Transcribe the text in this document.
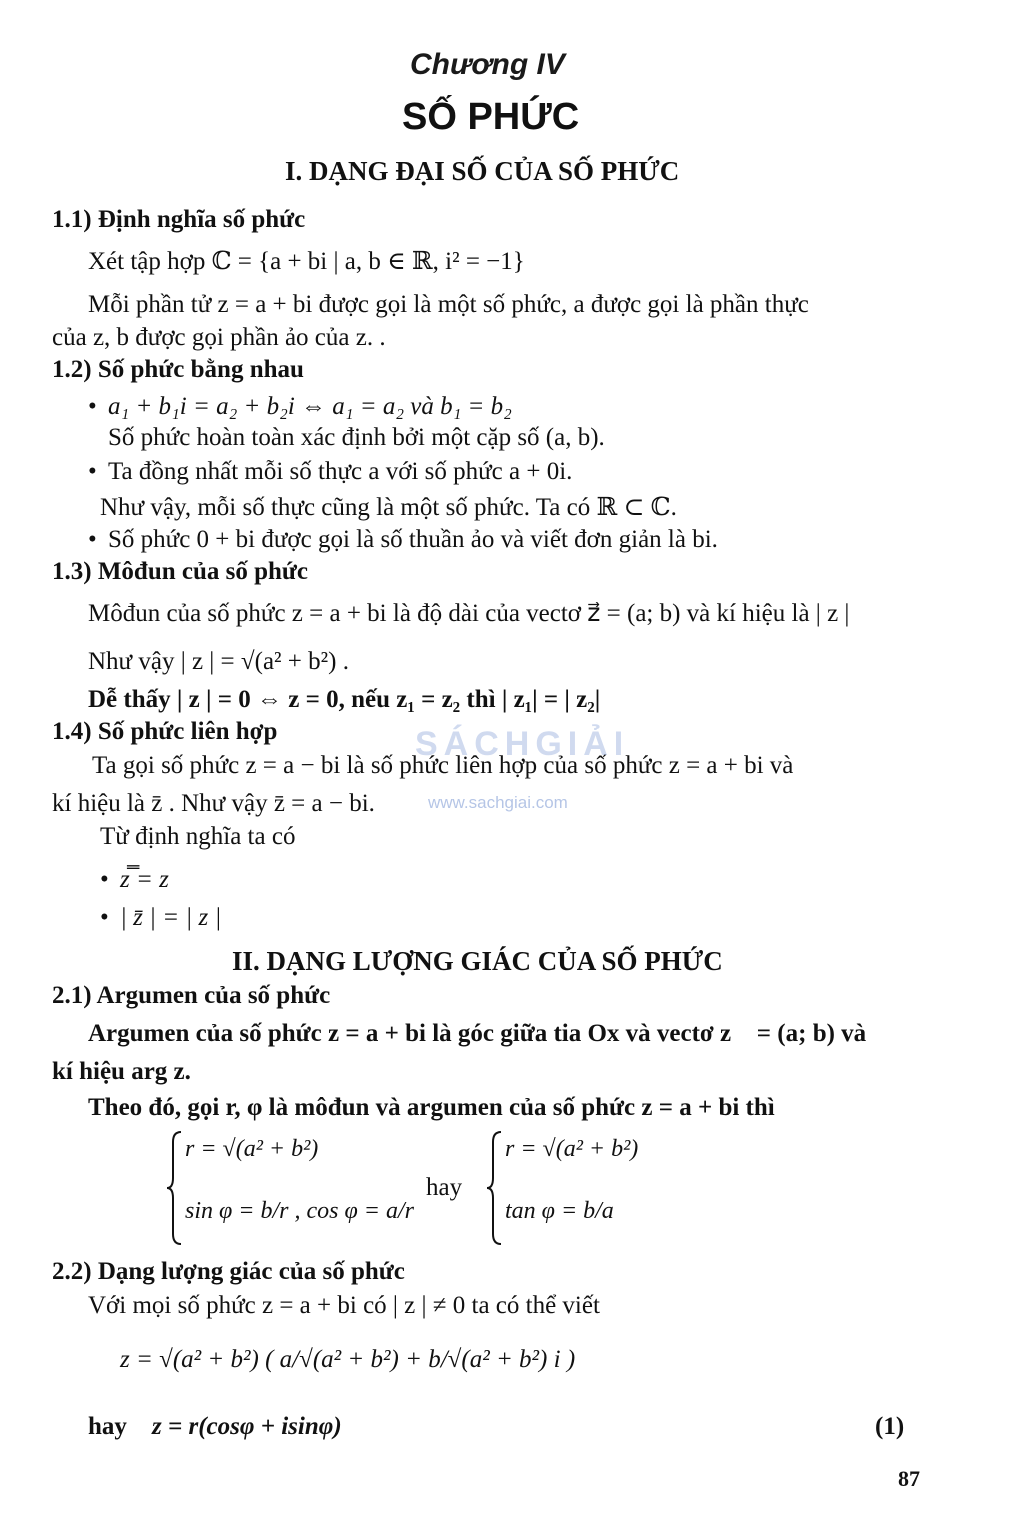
Chương IV
SỐ PHỨC
I. DẠNG ĐẠI SỐ CỦA SỐ PHỨC
1.1) Định nghĩa số phức
Xét tập hợp ℂ = {a + bi | a, b ∈ ℝ, i² = −1}
Mỗi phần tử z = a + bi được gọi là một số phức, a được gọi là phần thực
của z, b được gọi phần ảo của z. .
1.2) Số phức bằng nhau
• a₁ + b₁i = a₂ + b₂i ⇔ a₁ = a₂ và b₁ = b₂
Số phức hoàn toàn xác định bởi một cặp số (a, b).
• Ta đồng nhất mỗi số thực a với số phức a + 0i.
Như vậy, mỗi số thực cũng là một số phức. Ta có ℝ ⊂ ℂ.
• Số phức 0 + bi được gọi là số thuần ảo và viết đơn giản là bi.
1.3) Môđun của số phức
Môđun của số phức z = a + bi là độ dài của vectơ z⃗ = (a; b) và kí hiệu là | z |
Như vậy | z | = √(a² + b²) .
Dễ thấy | z | = 0 ⇔ z = 0, nếu z₁ = z₂ thì | z₁| = | z₂|
1.4) Số phức liên hợp
Ta gọi số phức z = a − bi là số phức liên hợp của số phức z = a + bi và
kí hiệu là z̄ . Như vậy z̄ = a − bi.
Từ định nghĩa ta có
• z̿ = z
• | z̄ | = | z |
SÁCHGIẢI
www.sachgiai.com
II. DẠNG LƯỢNG GIÁC CỦA SỐ PHỨC
2.1) Argumen của số phức
Argumen của số phức z = a + bi là góc giữa tia Ox và vectơ z⃗ = (a; b) và
kí hiệu arg z.
Theo đó, gọi r, φ là môđun và argumen của số phức z = a + bi thì
r = √(a² + b²)
sin φ = b/r , cos φ = a/r
hay
r = √(a² + b²)
tan φ = b/a
2.2) Dạng lượng giác của số phức
Với mọi số phức z = a + bi có | z | ≠ 0 ta có thể viết
z = √(a² + b²) ( a/√(a² + b²) + b/√(a² + b²) i )
hay z = r(cosφ + isinφ)	(1)
87
